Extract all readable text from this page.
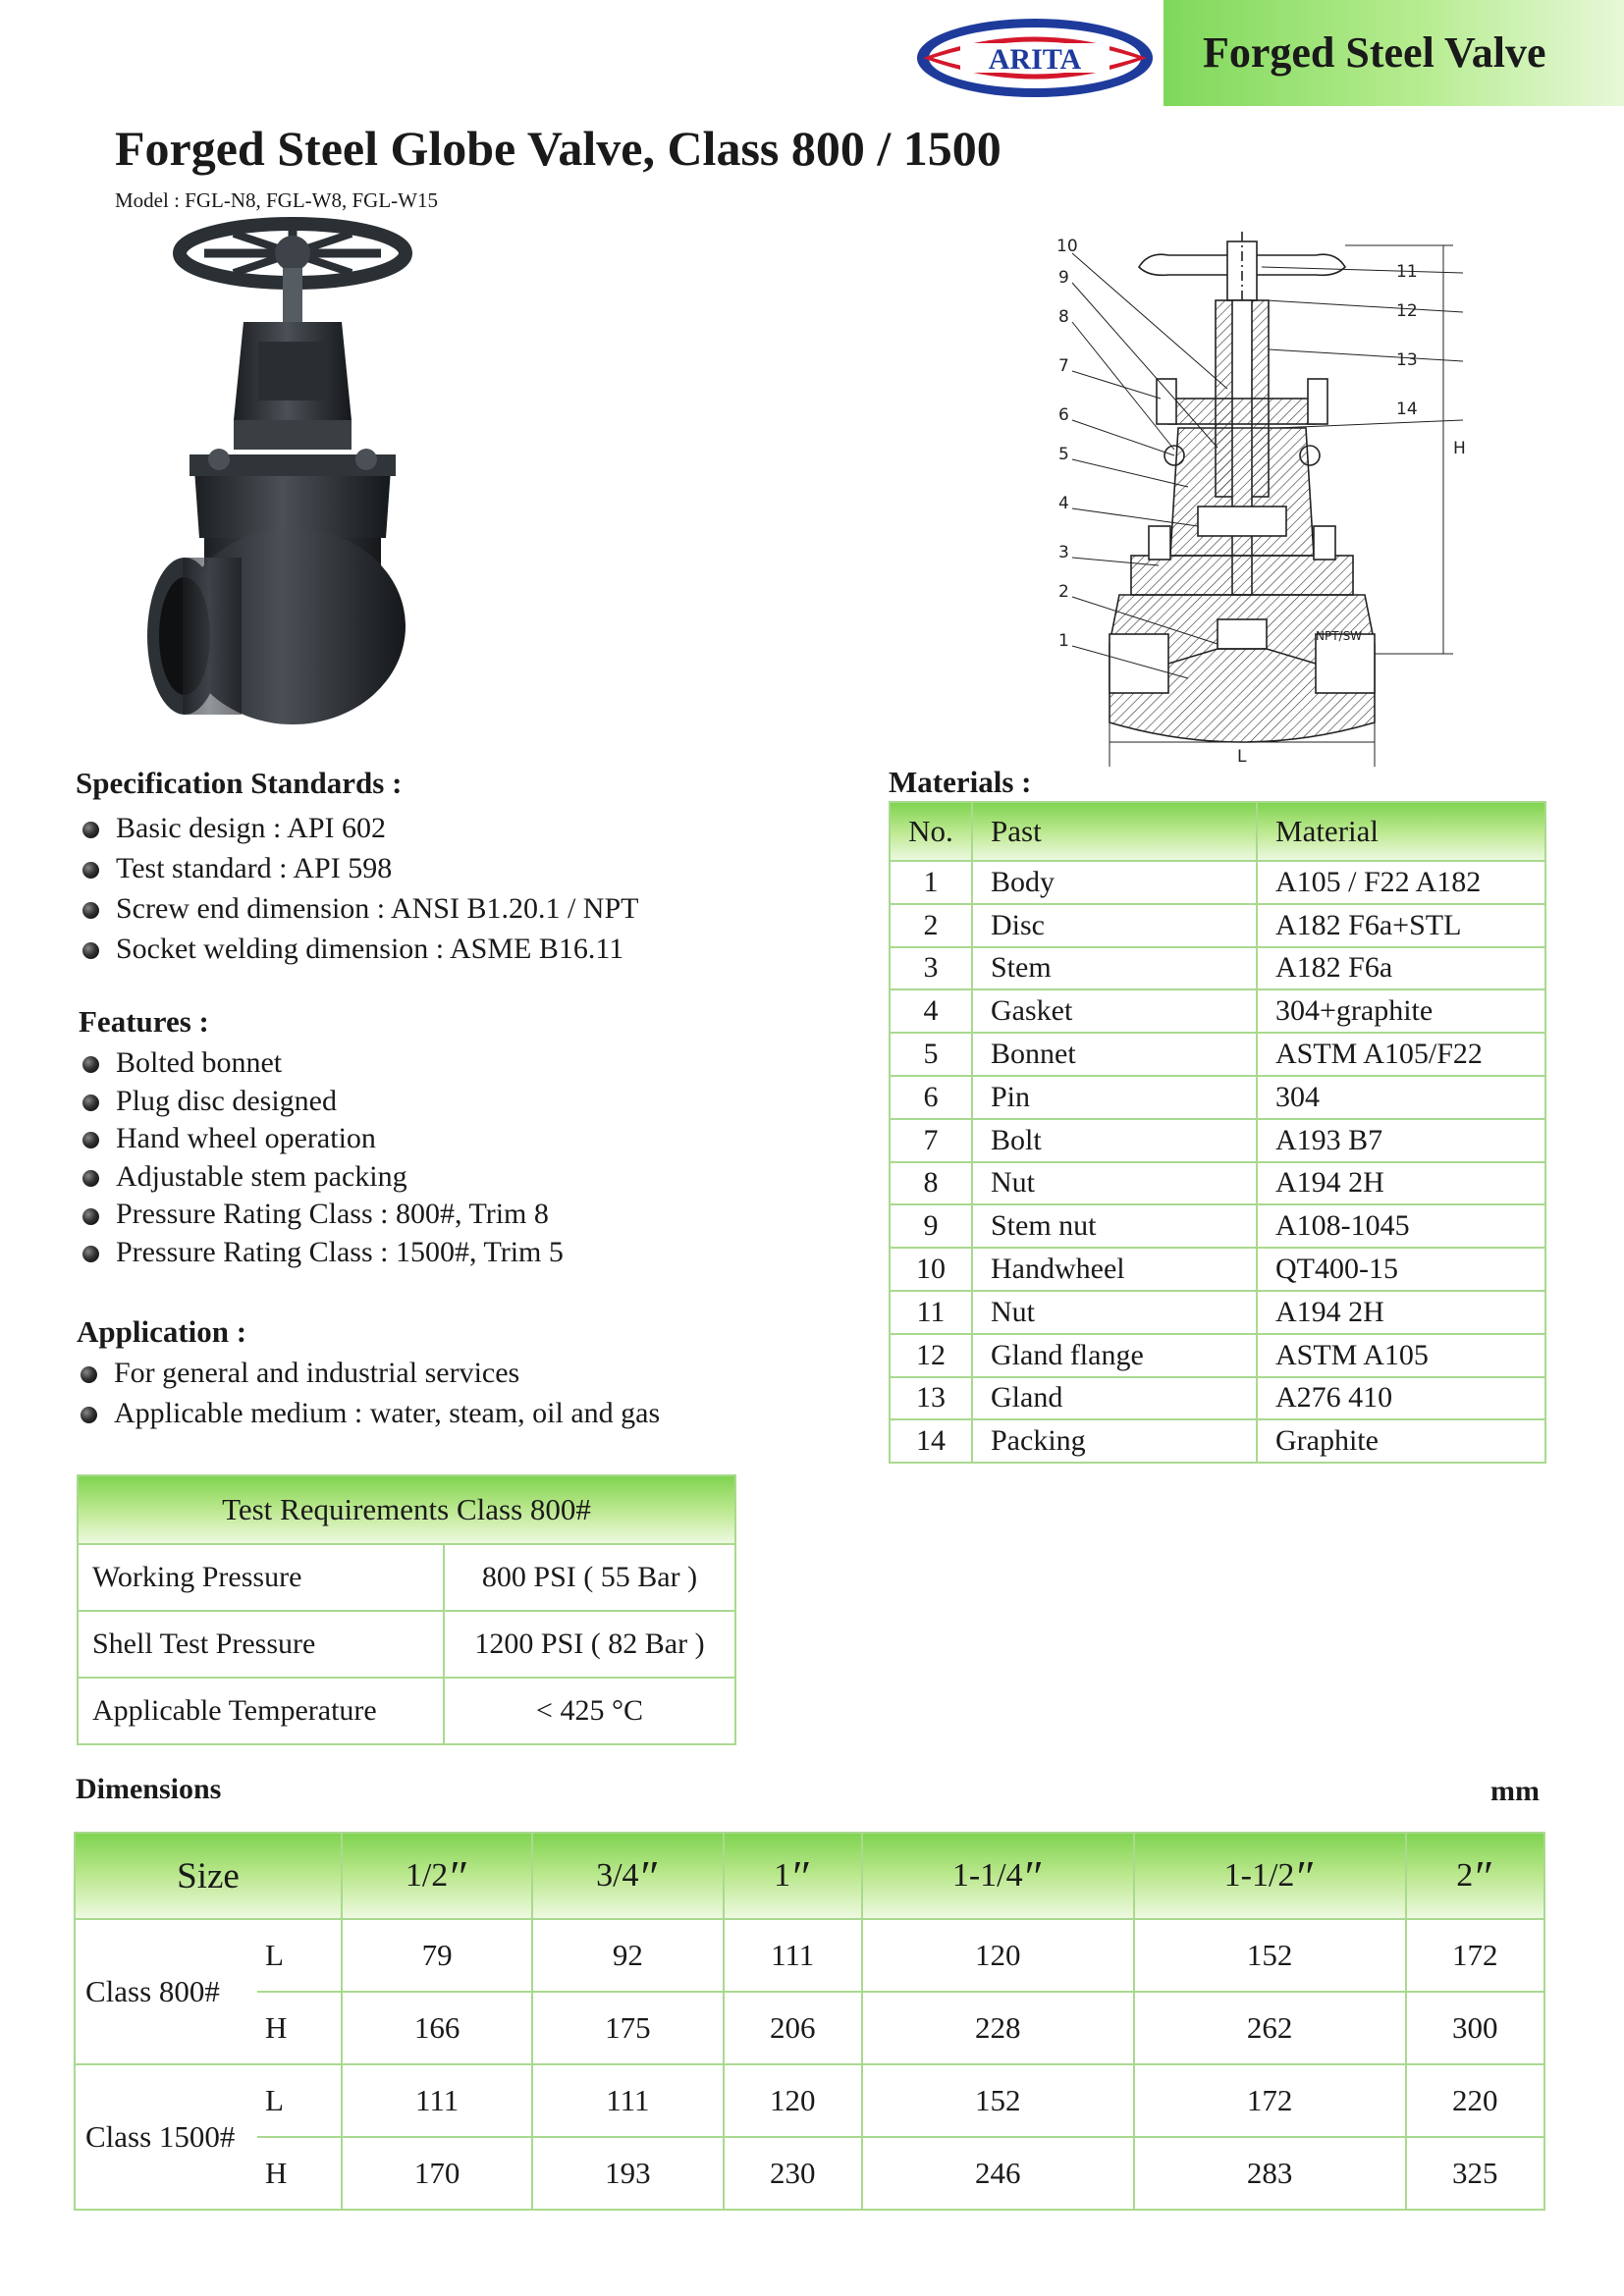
ARITA	Forged Steel Valve
Forged Steel Globe Valve, Class 800 / 1500
Model : FGL-N8, FGL-W8, FGL-W15
10
9
8
7
6
5
4
3
2
1
11
12
13
14
H
L
NPT/SW
Specification Standards :
Basic design : API 602
Test standard : API 598
Screw end dimension : ANSI B1.20.1 / NPT
Socket welding dimension : ASME B16.11
Features :
Bolted bonnet
Plug disc designed
Hand wheel operation
Adjustable stem packing
Pressure Rating Class : 800#, Trim 8
Pressure Rating Class : 1500#, Trim 5
Application :
For general and industrial services
Applicable medium : water, steam, oil and gas
Materials :
No.	Past	Material
1	Body	A105 / F22 A182
2	Disc	A182 F6a+STL
3	Stem	A182 F6a
4	Gasket	304+graphite
5	Bonnet	ASTM A105/F22
6	Pin	304
7	Bolt	A193 B7
8	Nut	A194 2H
9	Stem nut	A108-1045
10	Handwheel	QT400-15
11	Nut	A194 2H
12	Gland flange	ASTM A105
13	Gland	A276 410
14	Packing	Graphite
Test Requirements Class 800#	
Working Pressure	800 PSI ( 55 Bar )
Shell Test Pressure	1200 PSI ( 82 Bar )
Applicable Temperature	< 425 °C
Dimensions	mm
Size		1/2″	3/4″	1″	1-1/4″	1-1/2″	2″
Class 800#	L	79	92	111	120	152	172
	H	166	175	206	228	262	300
Class 1500#	L	111	111	120	152	172	220
	H	170	193	230	246	283	325
